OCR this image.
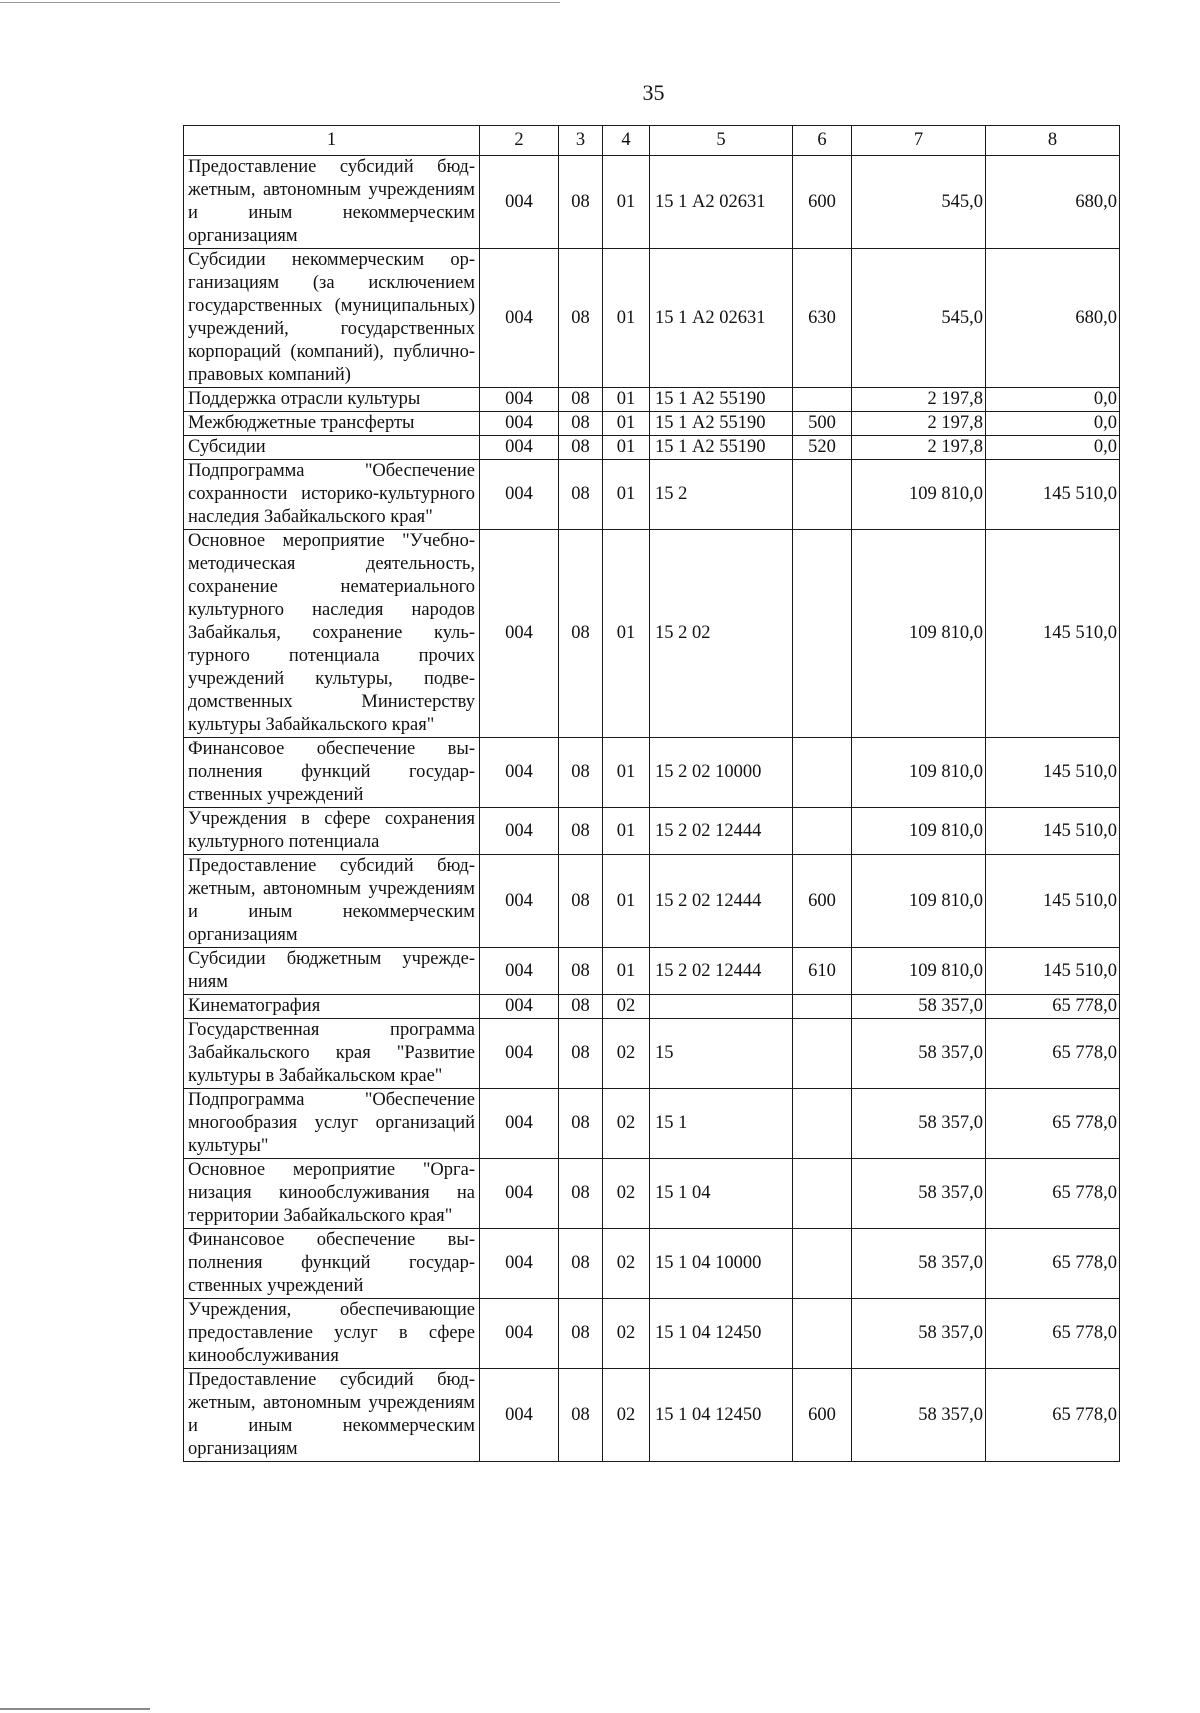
35
1	2	3	4	5	6	7	8
Предоставление субсидий бюджетным, автономным учреждениям и иным некоммерческим организациям	004	08	01	15 1 А2 02631	600	545,0	680,0
Субсидии некоммерческим организациям (за исключением государственных (муниципальных) учреждений, государственных корпораций (компаний), публично-правовых компаний)	004	08	01	15 1 А2 02631	630	545,0	680,0
Поддержка отрасли культуры	004	08	01	15 1 А2 55190		2 197,8	0,0
Межбюджетные трансферты	004	08	01	15 1 А2 55190	500	2 197,8	0,0
Субсидии	004	08	01	15 1 А2 55190	520	2 197,8	0,0
Подпрограмма "Обеспечение сохранности историко-культурного наследия Забайкальского края"	004	08	01	15 2		109 810,0	145 510,0
Основное мероприятие "Учебно-методическая деятельность, сохранение нематериального культурного наследия народов Забайкалья, сохранение культурного потенциала прочих учреждений культуры, подведомственных Министерству культуры Забайкальского края"	004	08	01	15 2 02		109 810,0	145 510,0
Финансовое обеспечение выполнения функций государственных учреждений	004	08	01	15 2 02 10000		109 810,0	145 510,0
Учреждения в сфере сохранения культурного потенциала	004	08	01	15 2 02 12444		109 810,0	145 510,0
Предоставление субсидий бюджетным, автономным учреждениям и иным некоммерческим организациям	004	08	01	15 2 02 12444	600	109 810,0	145 510,0
Субсидии бюджетным учреждениям	004	08	01	15 2 02 12444	610	109 810,0	145 510,0
Кинематография	004	08	02			58 357,0	65 778,0
Государственная программа Забайкальского края "Развитие культуры в Забайкальском крае"	004	08	02	15		58 357,0	65 778,0
Подпрограмма "Обеспечение многообразия услуг организаций культуры"	004	08	02	15 1		58 357,0	65 778,0
Основное мероприятие "Организация кинообслуживания на территории Забайкальского края"	004	08	02	15 1 04		58 357,0	65 778,0
Финансовое обеспечение выполнения функций государственных учреждений	004	08	02	15 1 04 10000		58 357,0	65 778,0
Учреждения, обеспечивающие предоставление услуг в сфере кинообслуживания	004	08	02	15 1 04 12450		58 357,0	65 778,0
Предоставление субсидий бюджетным, автономным учреждениям и иным некоммерческим организациям	004	08	02	15 1 04 12450	600	58 357,0	65 778,0
